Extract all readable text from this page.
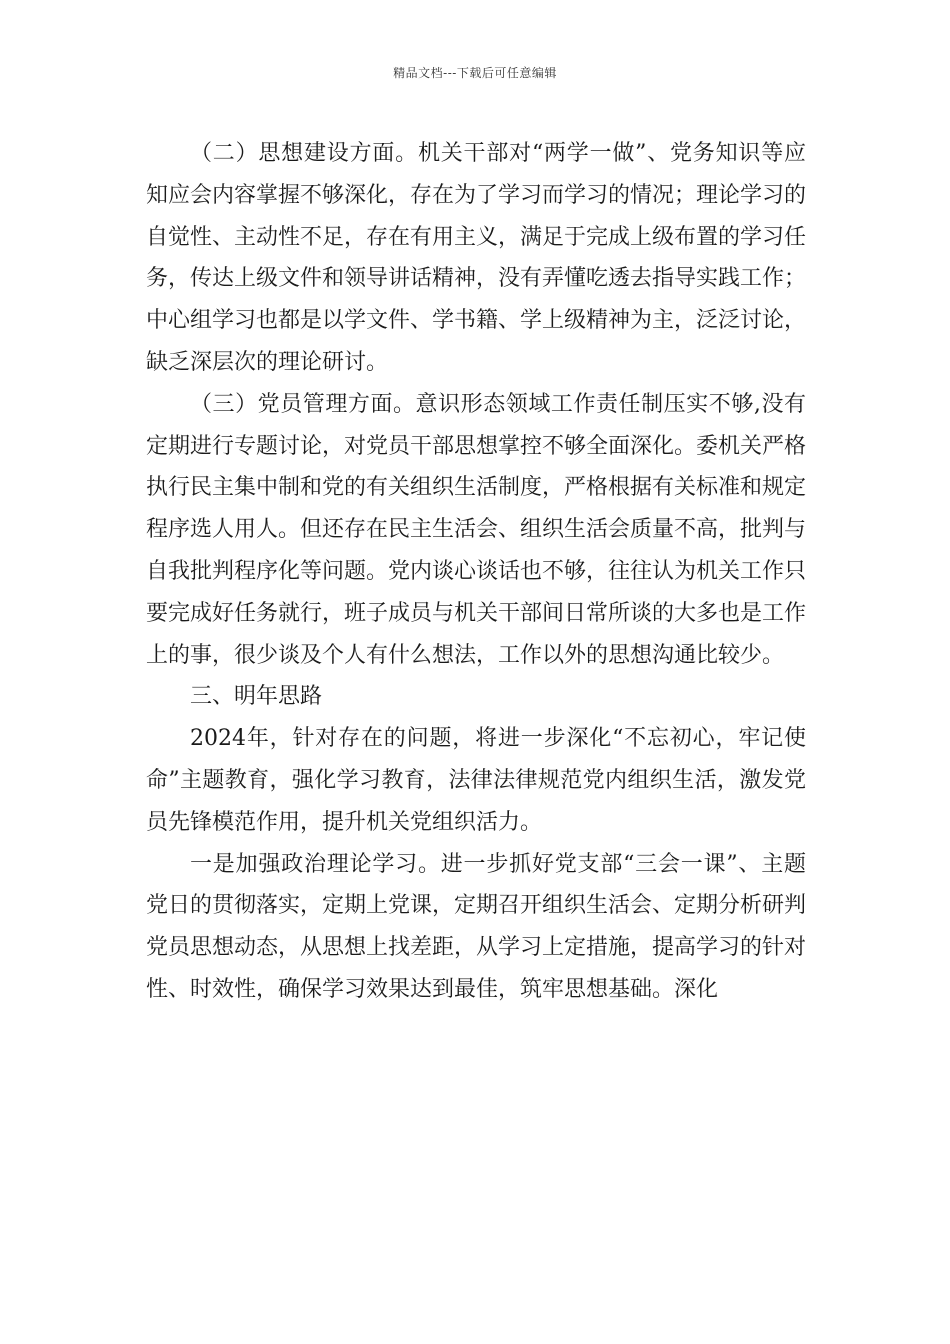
精品文档---下载后可任意编辑

（二）思想建设方面。机关干部对“两学一做”、党务知识等应知应会内容掌握不够深化，存在为了学习而学习的情况；理论学习的自觉性、主动性不足，存在有用主义，满足于完成上级布置的学习任务，传达上级文件和领导讲话精神，没有弄懂吃透去指导实践工作；中心组学习也都是以学文件、学书籍、学上级精神为主，泛泛讨论，缺乏深层次的理论研讨。

（三）党员管理方面。意识形态领域工作责任制压实不够,没有定期进行专题讨论，对党员干部思想掌控不够全面深化。委机关严格执行民主集中制和党的有关组织生活制度，严格根据有关标准和规定程序选人用人。但还存在民主生活会、组织生活会质量不高，批判与自我批判程序化等问题。党内谈心谈话也不够，往往认为机关工作只要完成好任务就行，班子成员与机关干部间日常所谈的大多也是工作上的事，很少谈及个人有什么想法，工作以外的思想沟通比较少。

三、明年思路

2024年，针对存在的问题，将进一步深化“不忘初心，牢记使命”主题教育，强化学习教育，法律法律规范党内组织生活，激发党员先锋模范作用，提升机关党组织活力。

一是加强政治理论学习。进一步抓好党支部“三会一课”、主题党日的贯彻落实，定期上党课，定期召开组织生活会、定期分析研判党员思想动态，从思想上找差距，从学习上定措施，提高学习的针对性、时效性，确保学习效果达到最佳，筑牢思想基础。深化
